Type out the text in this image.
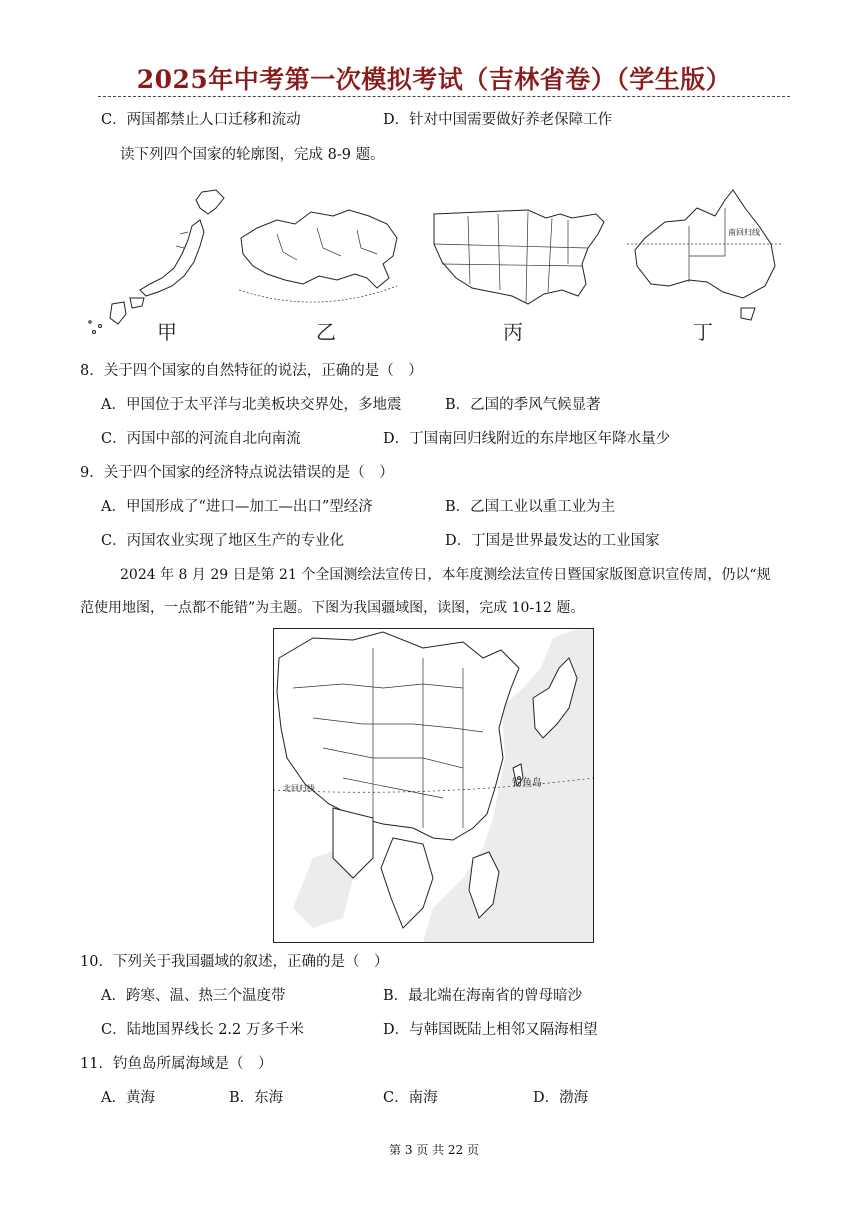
2025年中考第一次模拟考试（吉林省卷）（学生版）
C．两国都禁止人口迁移和流动	D．针对中国需要做好养老保障工作
读下列四个国家的轮廓图，完成 8-9 题。
甲	乙	丙
南回归线
丁
8．关于四个国家的自然特征的说法，正确的是（　）
A．甲国位于太平洋与北美板块交界处，多地震	B．乙国的季风气候显著
C．丙国中部的河流自北向南流	D．丁国南回归线附近的东岸地区年降水量少
9．关于四个国家的经济特点说法错误的是（　）
A．甲国形成了“进口—加工—出口”型经济	B．乙国工业以重工业为主
C．丙国农业实现了地区生产的专业化	D．丁国是世界最发达的工业国家
2024 年 8 月 29 日是第 21 个全国测绘法宣传日，本年度测绘法宣传日暨国家版图意识宣传周，仍以“规
范使用地图，一点都不能错”为主题。下图为我国疆域图，读图，完成 10-12 题。
北回归线	钓鱼岛
10．下列关于我国疆域的叙述，正确的是（　）
A．跨寒、温、热三个温度带	B．最北端在海南省的曾母暗沙
C．陆地国界线长 2.2 万多千米	D．与韩国既陆上相邻又隔海相望
11．钓鱼岛所属海域是（　）
A．黄海	B．东海	C．南海	D．渤海
第 3 页 共 22 页
